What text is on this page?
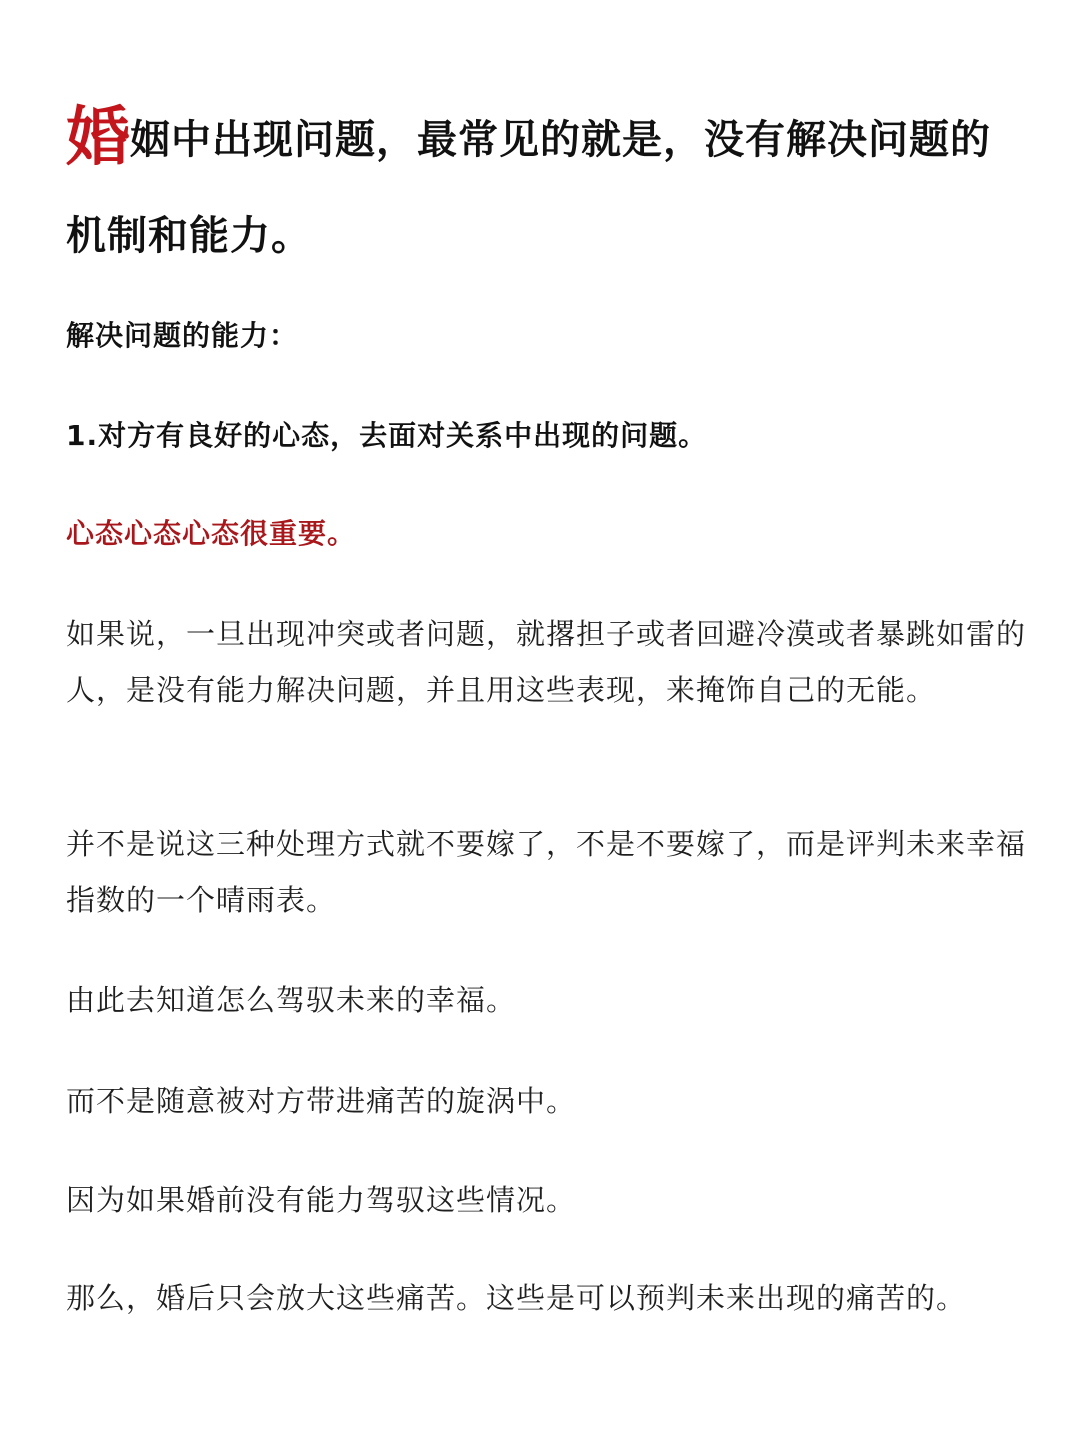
婚姻中出现问题，最常见的就是，没有解决问题的机制和能力。

解决问题的能力：

1.对方有良好的心态，去面对关系中出现的问题。

心态心态心态很重要。

如果说，一旦出现冲突或者问题，就撂担子或者回避冷漠或者暴跳如雷的人，是没有能力解决问题，并且用这些表现，来掩饰自己的无能。

并不是说这三种处理方式就不要嫁了，不是不要嫁了，而是评判未来幸福指数的一个晴雨表。

由此去知道怎么驾驭未来的幸福。

而不是随意被对方带进痛苦的旋涡中。

因为如果婚前没有能力驾驭这些情况。

那么，婚后只会放大这些痛苦。这些是可以预判未来出现的痛苦的。
